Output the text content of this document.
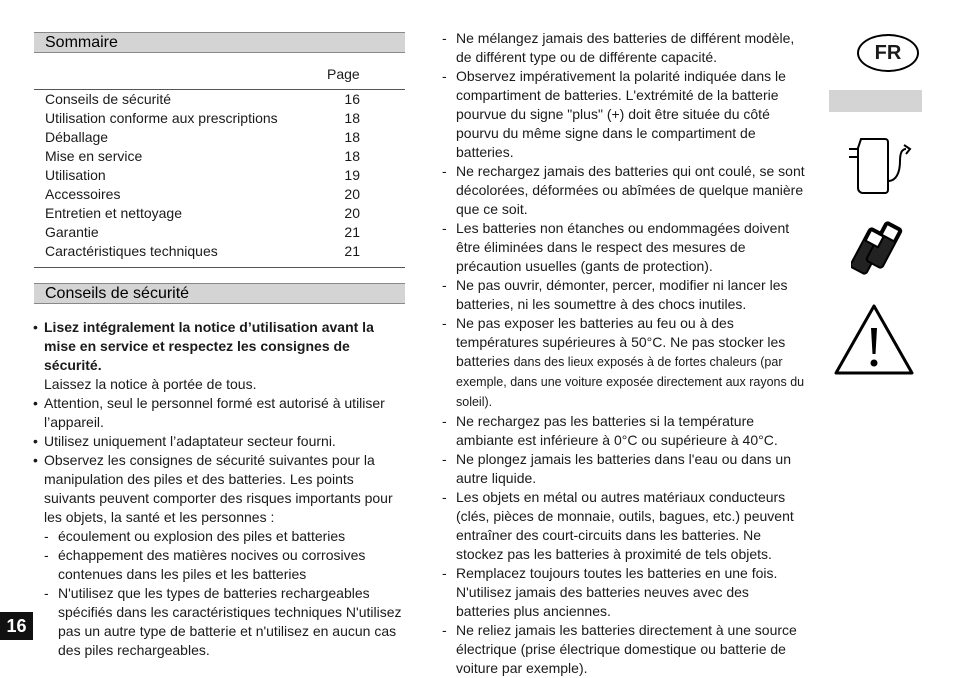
Sommaire
Page
Conseils de sécurité	16
Utilisation conforme aux prescriptions	18
Déballage	18
Mise en service	18
Utilisation	19
Accessoires	20
Entretien et nettoyage	20
Garantie	21
Caractéristiques techniques	21
Conseils de sécurité
• Lisez intégralement la notice d’utilisation avant la mise en service et respectez les consignes de sécurité.
Laissez la notice à portée de tous.
• Attention, seul le personnel formé est autorisé à utiliser l’appareil.
• Utilisez uniquement l’adaptateur secteur fourni.
• Observez les consignes de sécurité suivantes pour la manipulation des piles et des batteries. Les points suivants peuvent comporter des risques importants pour les objets, la santé et les personnes :
- écoulement ou explosion des piles et batteries
- échappement des matières nocives ou corrosives contenues dans les piles et les batteries
- N'utilisez que les types de batteries rechargeables spécifiés dans les caractéristiques techniques N'utilisez pas un autre type de batterie et n'utilisez en aucun cas des piles rechargeables.
16
- Ne mélangez jamais des batteries de différent modèle, de différent type ou de différente capacité.
- Observez impérativement la polarité indiquée dans le compartiment de batteries. L'extrémité de la batterie pourvue du signe "plus" (+) doit être située du côté pourvu du même signe dans le compartiment de batteries.
- Ne rechargez jamais des batteries qui ont coulé, se sont décolorées, déformées ou abîmées de quelque manière que ce soit.
- Les batteries non étanches ou endommagées doivent être éliminées dans le respect des mesures de précaution usuelles (gants de protection).
- Ne pas ouvrir, démonter, percer, modifier ni lancer les batteries, ni les soumettre à des chocs inutiles.
- Ne pas exposer les batteries au feu ou à des températures supérieures à 50°C. Ne pas stocker les batteries dans des lieux exposés à de fortes chaleurs (par exemple, dans une voiture exposée directement aux rayons du soleil).
- Ne rechargez pas les batteries si la température ambiante est inférieure à 0°C ou supérieure à 40°C.
- Ne plongez jamais les batteries dans l'eau ou dans un autre liquide.
- Les objets en métal ou autres matériaux conducteurs (clés, pièces de monnaie, outils, bagues, etc.) peuvent entraîner des court-circuits dans les batteries. Ne stockez pas les batteries à proximité de tels objets.
- Remplacez toujours toutes les batteries en une fois. N'utilisez jamais des batteries neuves avec des batteries plus anciennes.
- Ne reliez jamais les batteries directement à une source électrique (prise électrique domestique ou batterie de voiture par exemple).
FR
